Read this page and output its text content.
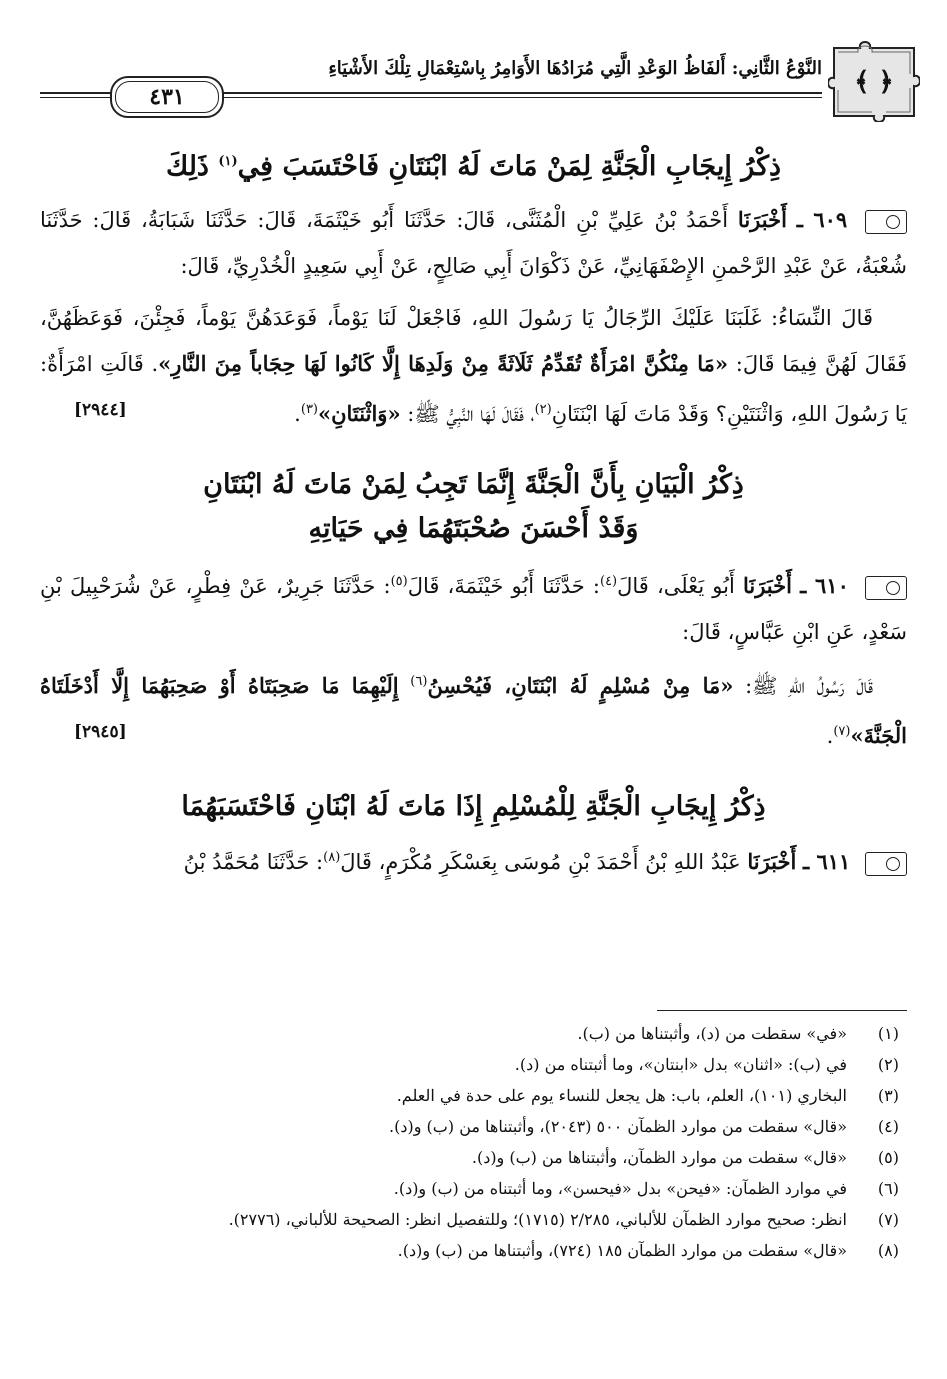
﴿ ﴾
النَّوْعُ الثَّانِي: أَلفَاظُ الوَعْدِ الَّتِي مُرَادُهَا الأَوَامِرُ بِاسْتِعْمَالِ تِلْكَ الأَشْيَاءِ
٤٣١

ذِكْرُ إِيجَابِ الْجَنَّةِ لِمَنْ مَاتَ لَهُ ابْنَتَانِ فَاحْتَسَبَ فِي$^{(١)}$ ذَلِكَ

٦٠٩ ـ أَخْبَرَنَا أَحْمَدُ بْنُ عَلِيِّ بْنِ الْمُثَنَّى، قَالَ: حَدَّثَنَا أَبُو خَيْثَمَةَ، قَالَ: حَدَّثَنَا شَبَابَةُ، قَالَ: حَدَّثَنَا شُعْبَةُ، عَنْ عَبْدِ الرَّحْمنِ الإِصْفَهَانِيِّ، عَنْ ذَكْوَانَ أَبِي صَالِحٍ، عَنْ أَبِي سَعِيدٍ الْخُدْرِيِّ، قَالَ:

قَالَ النِّسَاءُ: غَلَبَنَا عَلَيْكَ الرِّجَالُ يَا رَسُولَ اللهِ، فَاجْعَلْ لَنَا يَوْماً، فَوَعَدَهُنَّ يَوْماً، فَجِئْنَ، فَوَعَظَهُنَّ، فَقَالَ لَهُنَّ فِيمَا قَالَ: «مَا مِنْكُنَّ امْرَأَةٌ تُقَدِّمُ ثَلَاثَةً مِنْ وَلَدِهَا إِلَّا كَانُوا لَهَا حِجَاباً مِنَ النَّارِ». قَالَتِ امْرَأَةٌ: يَا رَسُولَ اللهِ، وَاثْنَتَيْنِ؟ وَقَدْ مَاتَ لَهَا ابْنَتَانِ$^{(٢)}$، فَقَالَ لَهَا النَّبِيُّ ﷺ: «وَاثْنَتَانِ»$^{(٣)}$.
[٢٩٤٤]

ذِكْرُ الْبَيَانِ بِأَنَّ الْجَنَّةَ إِنَّمَا تَجِبُ لِمَنْ مَاتَ لَهُ ابْنَتَانِ

وَقَدْ أَحْسَنَ صُحْبَتَهُمَا فِي حَيَاتِهِ

٦١٠ ـ أَخْبَرَنَا أَبُو يَعْلَى، قَالَ$^{(٤)}$: حَدَّثَنَا أَبُو خَيْثَمَةَ، قَالَ$^{(٥)}$: حَدَّثَنَا جَرِيرٌ، عَنْ فِطْرٍ، عَنْ شُرَحْبِيلَ بْنِ سَعْدٍ، عَنِ ابْنِ عَبَّاسٍ، قَالَ:

قَالَ رَسُولُ اللهِ ﷺ: «مَا مِنْ مُسْلِمٍ لَهُ ابْنَتَانِ، فَيُحْسِنُ$^{(٦)}$ إِلَيْهِمَا مَا صَحِبَتَاهُ أَوْ صَحِبَهُمَا إِلَّا أَدْخَلَتَاهُ الْجَنَّةَ»$^{(٧)}$.
[٢٩٤٥]

ذِكْرُ إِيجَابِ الْجَنَّةِ لِلْمُسْلِمِ إِذَا مَاتَ لَهُ ابْنَانِ فَاحْتَسَبَهُمَا

٦١١ ـ أَخْبَرَنَا عَبْدُ اللهِ بْنُ أَحْمَدَ بْنِ مُوسَى بِعَسْكَرِ مُكْرَمٍ، قَالَ$^{(٨)}$: حَدَّثَنَا مُحَمَّدُ بْنُ

(١)
«في» سقطت من (د)، وأثبتناها من (ب).
(٢)
في (ب): «اثنان» بدل «ابنتان»، وما أثبتناه من (د).
(٣)
البخاري (١٠١)، العلم، باب: هل يجعل للنساء يوم على حدة في العلم.
(٤)
«قال» سقطت من موارد الظمآن ٥٠٠ (٢٠٤٣)، وأثبتناها من (ب) و(د).
(٥)
«قال» سقطت من موارد الظمآن، وأثبتناها من (ب) و(د).
(٦)
في موارد الظمآن: «فيحن» بدل «فيحسن»، وما أثبتناه من (ب) و(د).
(٧)
انظر: صحيح موارد الظمآن للألباني، ٢/٢٨٥ (١٧١٥)؛ وللتفصيل انظر: الصحيحة للألباني، (٢٧٧٦).
(٨)
«قال» سقطت من موارد الظمآن ١٨٥ (٧٢٤)، وأثبتناها من (ب) و(د).
